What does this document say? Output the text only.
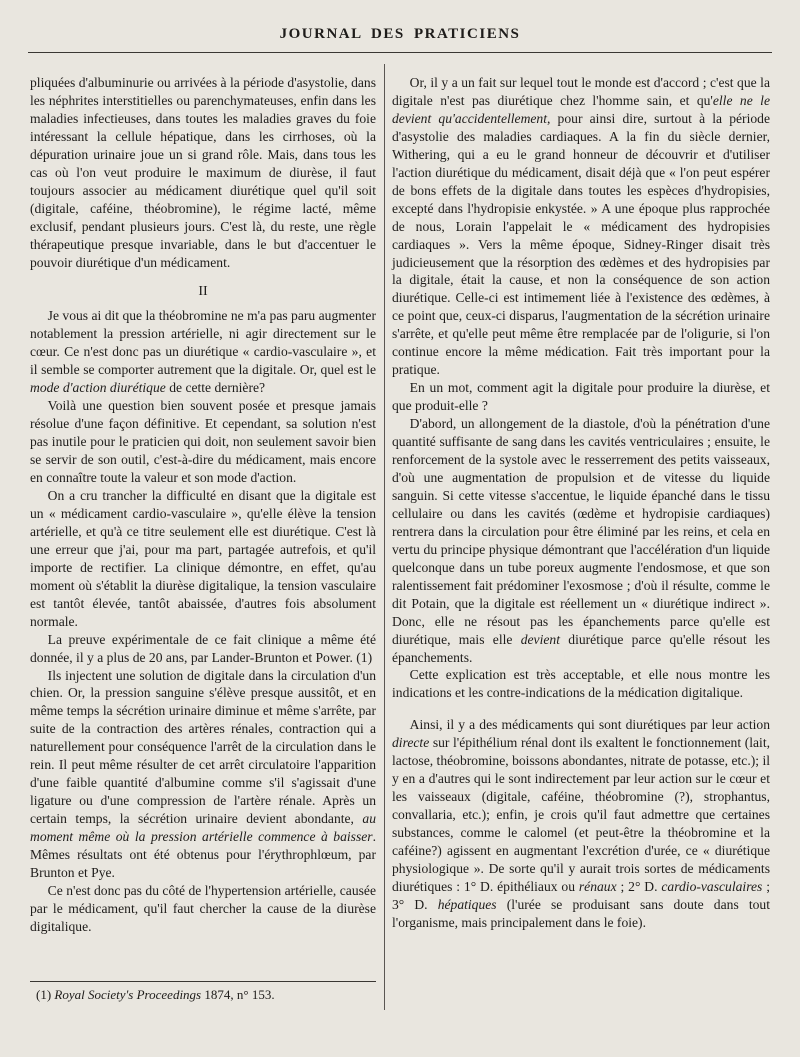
JOURNAL DES PRATICIENS

pliquées d'albuminurie ou arrivées à la période d'asystolie, dans les néphrites interstitielles ou parenchymateuses, enfin dans les maladies infectieuses, dans toutes les maladies graves du foie intéressant la cellule hépatique, dans les cirrhoses, où la dépuration urinaire joue un si grand rôle. Mais, dans tous les cas où l'on veut produire le maximum de diurèse, il faut toujours associer au médicament diurétique quel qu'il soit (digitale, caféine, théobromine), le régime lacté, même exclusif, pendant plusieurs jours. C'est là, du reste, une règle thérapeutique presque invariable, dans le but d'accentuer le pouvoir diurétique d'un médicament.

II

Je vous ai dit que la théobromine ne m'a pas paru augmenter notablement la pression artérielle, ni agir directement sur le cœur. Ce n'est donc pas un diurétique « cardio-vasculaire », et il semble se comporter autrement que la digitale. Or, quel est le mode d'action diurétique de cette dernière?

Voilà une question bien souvent posée et presque jamais résolue d'une façon définitive. Et cependant, sa solution n'est pas inutile pour le praticien qui doit, non seulement savoir bien se servir de son outil, c'est-à-dire du médicament, mais encore en connaître toute la valeur et son mode d'action.

On a cru trancher la difficulté en disant que la digitale est un « médicament cardio-vasculaire », qu'elle élève la tension artérielle, et qu'à ce titre seulement elle est diurétique. C'est là une erreur que j'ai, pour ma part, partagée autrefois, et qu'il importe de rectifier. La clinique démontre, en effet, qu'au moment où s'établit la diurèse digitalique, la tension vasculaire est tantôt élevée, tantôt abaissée, d'autres fois absolument normale.

La preuve expérimentale de ce fait clinique a même été donnée, il y a plus de 20 ans, par Lander-Brunton et Power. (1)

Ils injectent une solution de digitale dans la circulation d'un chien. Or, la pression sanguine s'élève presque aussitôt, et en même temps la sécrétion urinaire diminue et même s'arrête, par suite de la contraction des artères rénales, contraction qui a naturellement pour conséquence l'arrêt de la circulation dans le rein. Il peut même résulter de cet arrêt circulatoire l'apparition d'une faible quantité d'albumine comme s'il s'agissait d'une ligature ou d'une compression de l'artère rénale. Après un certain temps, la sécrétion urinaire devient abondante, au moment même où la pression artérielle commence à baisser. Mêmes résultats ont été obtenus pour l'érythrophlœum, par Brunton et Pye.

Ce n'est donc pas du côté de l'hypertension artérielle, causée par le médicament, qu'il faut chercher la cause de la diurèse digitalique.

Or, il y a un fait sur lequel tout le monde est d'accord ; c'est que la digitale n'est pas diurétique chez l'homme sain, et qu'elle ne le devient qu'accidentellement, pour ainsi dire, surtout à la période d'asystolie des maladies cardiaques. A la fin du siècle dernier, Withering, qui a eu le grand honneur de découvrir et d'utiliser l'action diurétique du médicament, disait déjà que « l'on peut espérer de bons effets de la digitale dans toutes les espèces d'hydropisies, excepté dans l'hydropisie enkystée. » A une époque plus rapprochée de nous, Lorain l'appelait le « médicament des hydropisies cardiaques ». Vers la même époque, Sidney-Ringer disait très judicieusement que la résorption des œdèmes et des hydropisies par la digitale, était la cause, et non la conséquence de son action diurétique. Celle-ci est intimement liée à l'existence des œdèmes, à ce point que, ceux-ci disparus, l'augmentation de la sécrétion urinaire s'arrête, et qu'elle peut même être remplacée par de l'oligurie, si l'on continue encore la même médication. Fait très important pour la pratique.

En un mot, comment agit la digitale pour produire la diurèse, et que produit-elle ?

D'abord, un allongement de la diastole, d'où la pénétration d'une quantité suffisante de sang dans les cavités ventriculaires ; ensuite, le renforcement de la systole avec le resserrement des petits vaisseaux, d'où une augmentation de propulsion et de vitesse du liquide sanguin. Si cette vitesse s'accentue, le liquide épanché dans le tissu cellulaire ou dans les cavités (œdème et hydropisie cardiaques) rentrera dans la circulation pour être éliminé par les reins, et cela en vertu du principe physique démontrant que l'accélération d'un liquide quelconque dans un tube poreux augmente l'endosmose, et que son ralentissement fait prédominer l'exosmose ; d'où il résulte, comme le dit Potain, que la digitale est réellement un « diurétique indirect ». Donc, elle ne résout pas les épanchements parce qu'elle est diurétique, mais elle devient diurétique parce qu'elle résout les épanchements.

Cette explication est très acceptable, et elle nous montre les indications et les contre-indications de la médication digitalique.

Ainsi, il y a des médicaments qui sont diurétiques par leur action directe sur l'épithélium rénal dont ils exaltent le fonctionnement (lait, lactose, théobromine, boissons abondantes, nitrate de potasse, etc.); il y en a d'autres qui le sont indirectement par leur action sur le cœur et les vaisseaux (digitale, caféine, théobromine (?), strophantus, convallaria, etc.); enfin, je crois qu'il faut admettre que certaines substances, comme le calomel (et peut-être la théobromine et la caféine?) agissent en augmentant l'excrétion d'urée, ce « diurétique physiologique ». De sorte qu'il y aurait trois sortes de médicaments diurétiques : 1° D. épithéliaux ou rénaux ; 2° D. cardio-vasculaires ; 3° D. hépatiques (l'urée se produisant sans doute dans tout l'organisme, mais principalement dans le foie).

(1) Royal Society's Proceedings 1874, n° 153.
